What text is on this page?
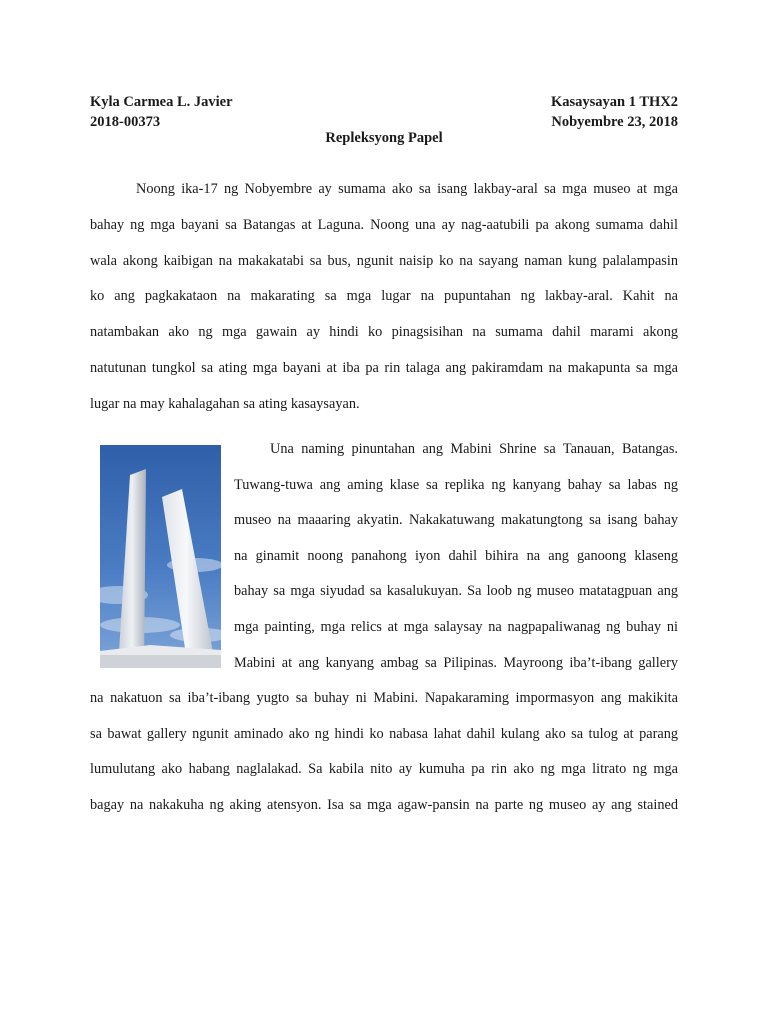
Kyla Carmea L. Javier
2018-00373
Kasaysayan 1 THX2
Nobyembre 23, 2018
Repleksyong Papel
Noong ika-17 ng Nobyembre ay sumama ako sa isang lakbay-aral sa mga museo at mga
bahay ng mga bayani sa Batangas at Laguna. Noong una ay nag-aatubili pa akong sumama dahil
wala akong kaibigan na makakatabi sa bus, ngunit naisip ko na sayang naman kung palalampasin
ko ang pagkakataon na makarating sa mga lugar na pupuntahan ng lakbay-aral. Kahit na
natambakan ako ng mga gawain ay hindi ko pinagsisihan na sumama dahil marami akong
natutunan tungkol sa ating mga bayani at iba pa rin talaga ang pakiramdam na makapunta sa mga
lugar na may kahalagahan sa ating kasaysayan.
Una naming pinuntahan ang Mabini Shrine sa Tanauan, Batangas.
Tuwang-tuwa ang aming klase sa replika ng kanyang bahay sa labas ng
museo na maaaring akyatin. Nakakatuwang makatungtong sa isang bahay
na ginamit noong panahong iyon dahil bihira na ang ganoong klaseng
bahay sa mga siyudad sa kasalukuyan. Sa loob ng museo matatagpuan ang
mga painting, mga relics at mga salaysay na nagpapaliwanag ng buhay ni
Mabini at ang kanyang ambag sa Pilipinas. Mayroong iba’t-ibang gallery
na nakatuon sa iba’t-ibang yugto sa buhay ni Mabini. Napakaraming impormasyon ang makikita
sa bawat gallery ngunit aminado ako ng hindi ko nabasa lahat dahil kulang ako sa tulog at parang
lumulutang ako habang naglalakad. Sa kabila nito ay kumuha pa rin ako ng mga litrato ng mga
bagay na nakakuha ng aking atensyon. Isa sa mga agaw-pansin na parte ng museo ay ang stained
